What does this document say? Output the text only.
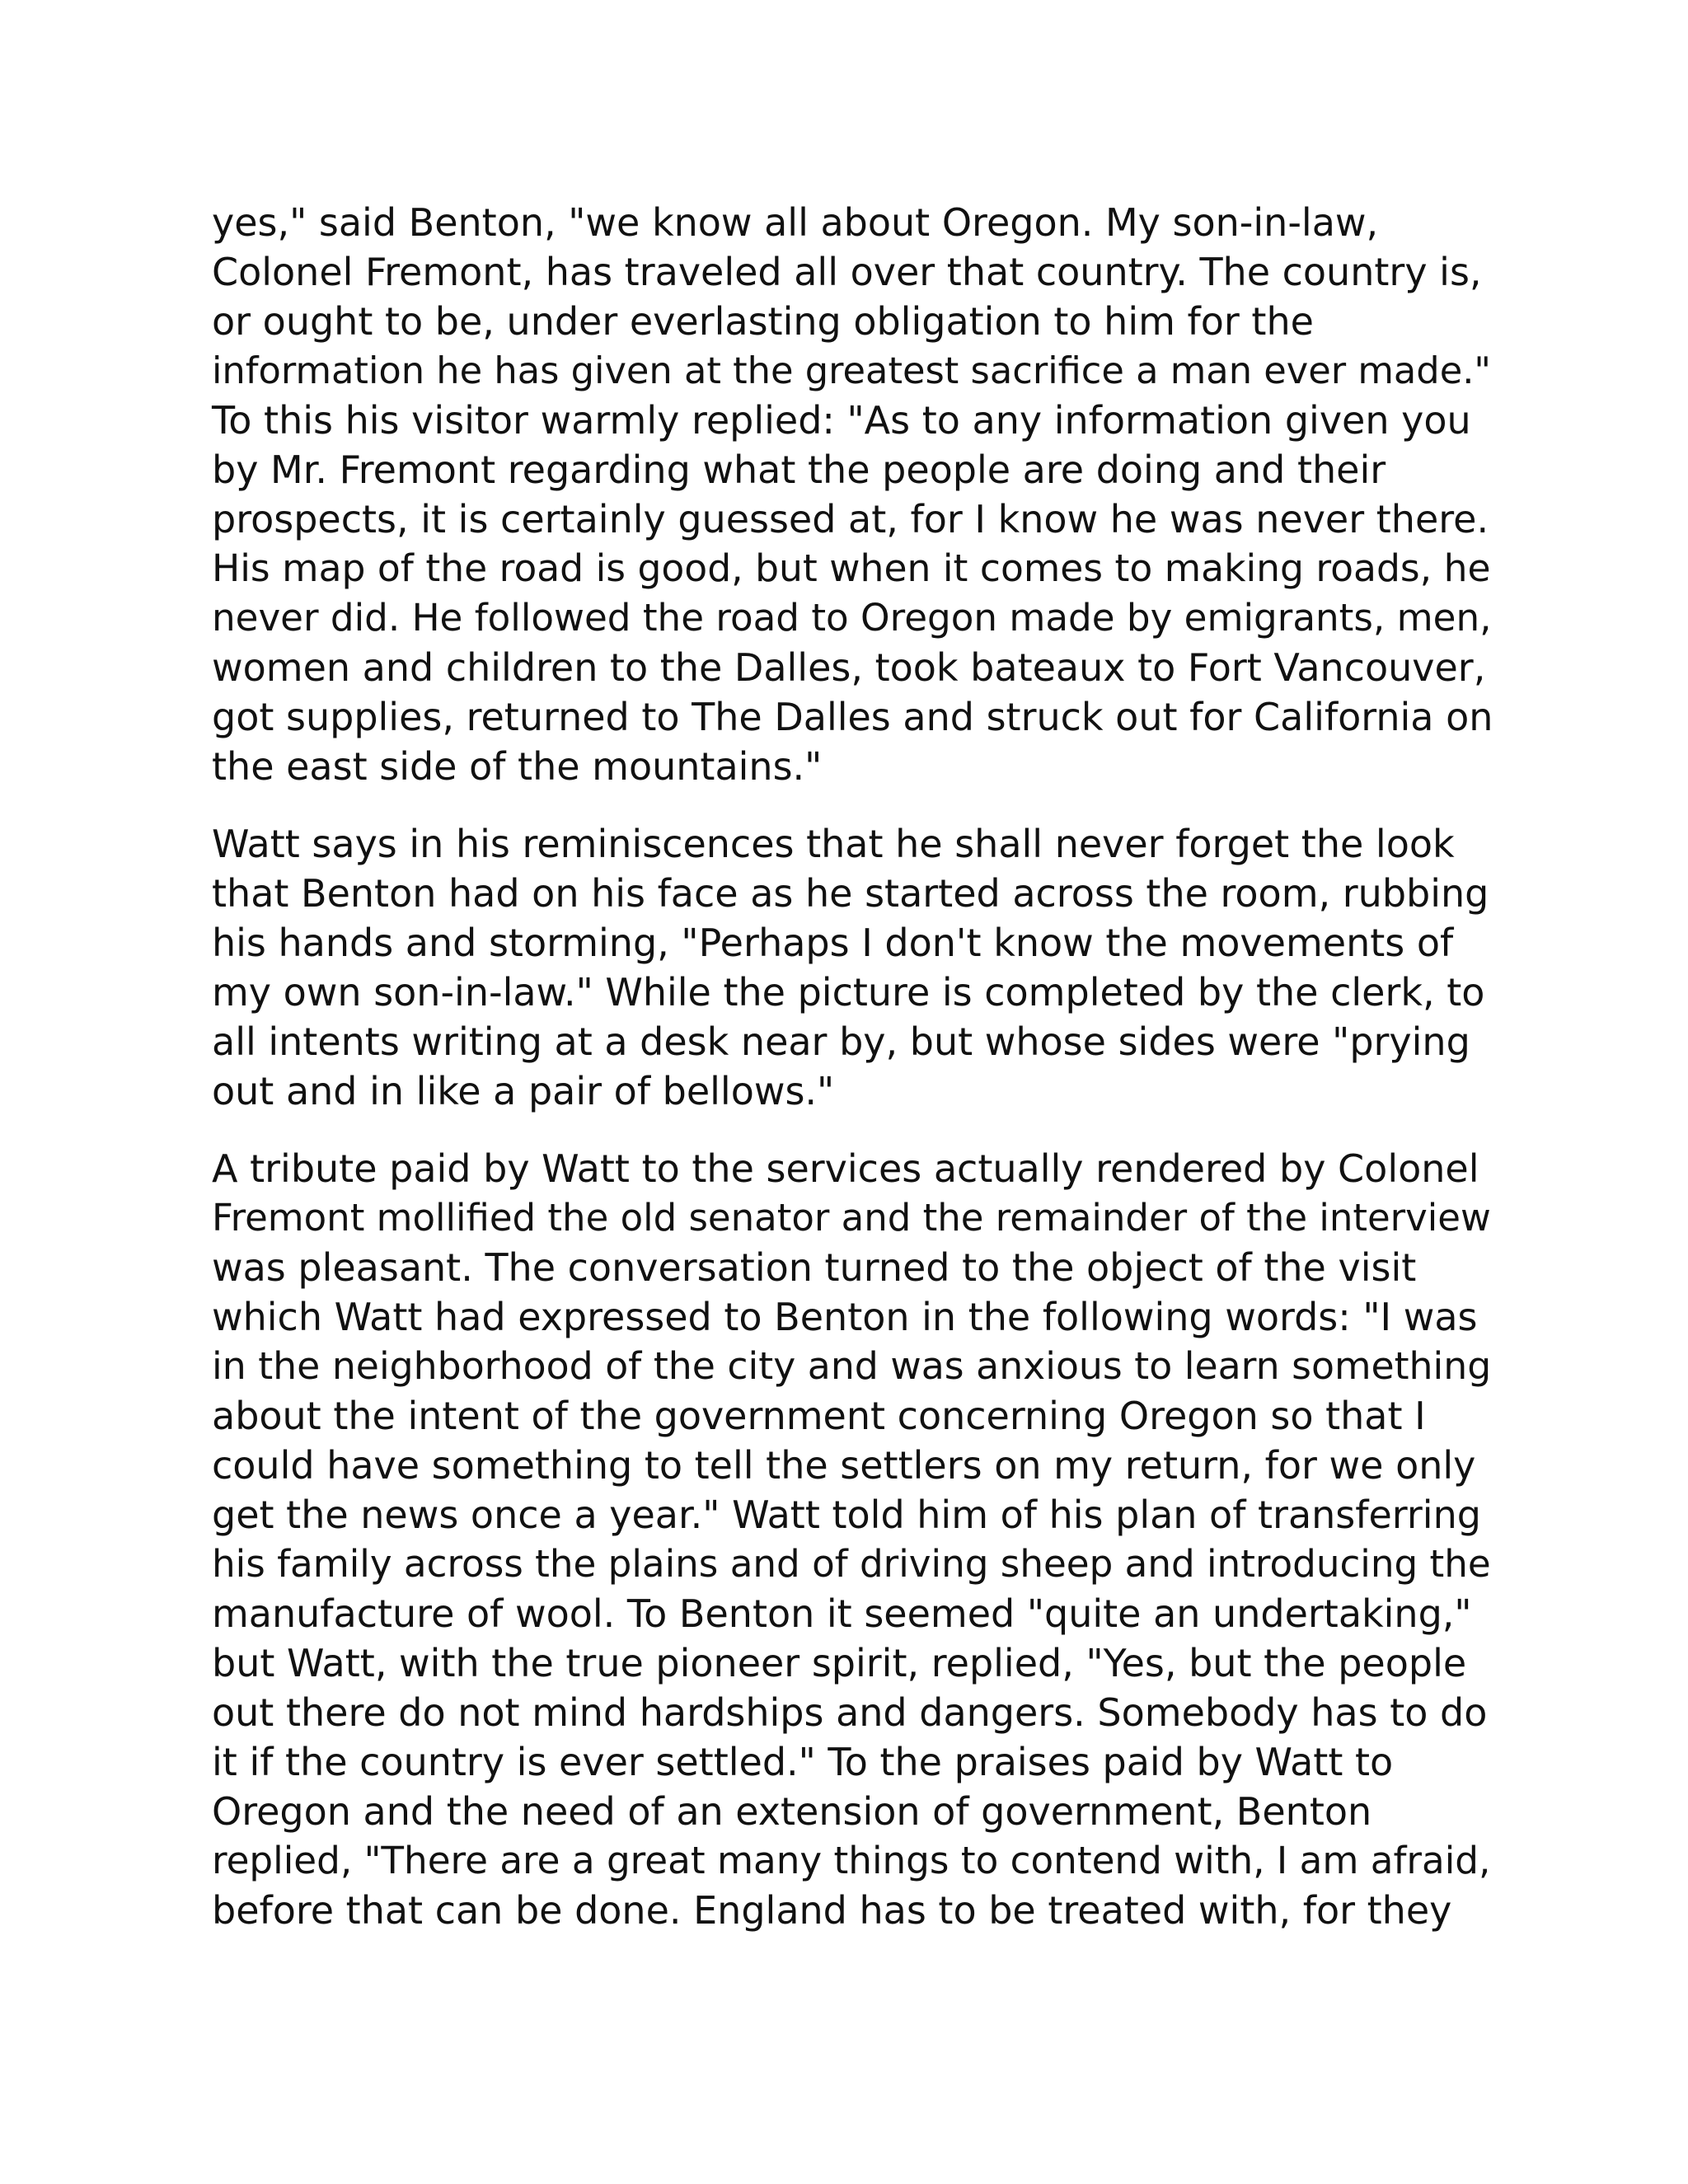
yes," said Benton, "we know all about Oregon. My son-in-law,
Colonel Fremont, has traveled all over that country. The country is,
or ought to be, under everlasting obligation to him for the
information he has given at the greatest sacrifice a man ever made."
To this his visitor warmly replied: "As to any information given you
by Mr. Fremont regarding what the people are doing and their
prospects, it is certainly guessed at, for I know he was never there.
His map of the road is good, but when it comes to making roads, he
never did. He followed the road to Oregon made by emigrants, men,
women and children to the Dalles, took bateaux to Fort Vancouver,
got supplies, returned to The Dalles and struck out for California on
the east side of the mountains."

Watt says in his reminiscences that he shall never forget the look
that Benton had on his face as he started across the room, rubbing
his hands and storming, "Perhaps I don't know the movements of
my own son-in-law." While the picture is completed by the clerk, to
all intents writing at a desk near by, but whose sides were "prying
out and in like a pair of bellows."

A tribute paid by Watt to the services actually rendered by Colonel
Fremont mollified the old senator and the remainder of the interview
was pleasant. The conversation turned to the object of the visit
which Watt had expressed to Benton in the following words: "I was
in the neighborhood of the city and was anxious to learn something
about the intent of the government concerning Oregon so that I
could have something to tell the settlers on my return, for we only
get the news once a year." Watt told him of his plan of transferring
his family across the plains and of driving sheep and introducing the
manufacture of wool. To Benton it seemed "quite an undertaking,"
but Watt, with the true pioneer spirit, replied, "Yes, but the people
out there do not mind hardships and dangers. Somebody has to do
it if the country is ever settled." To the praises paid by Watt to
Oregon and the need of an extension of government, Benton
replied, "There are a great many things to contend with, I am afraid,
before that can be done. England has to be treated with, for they
